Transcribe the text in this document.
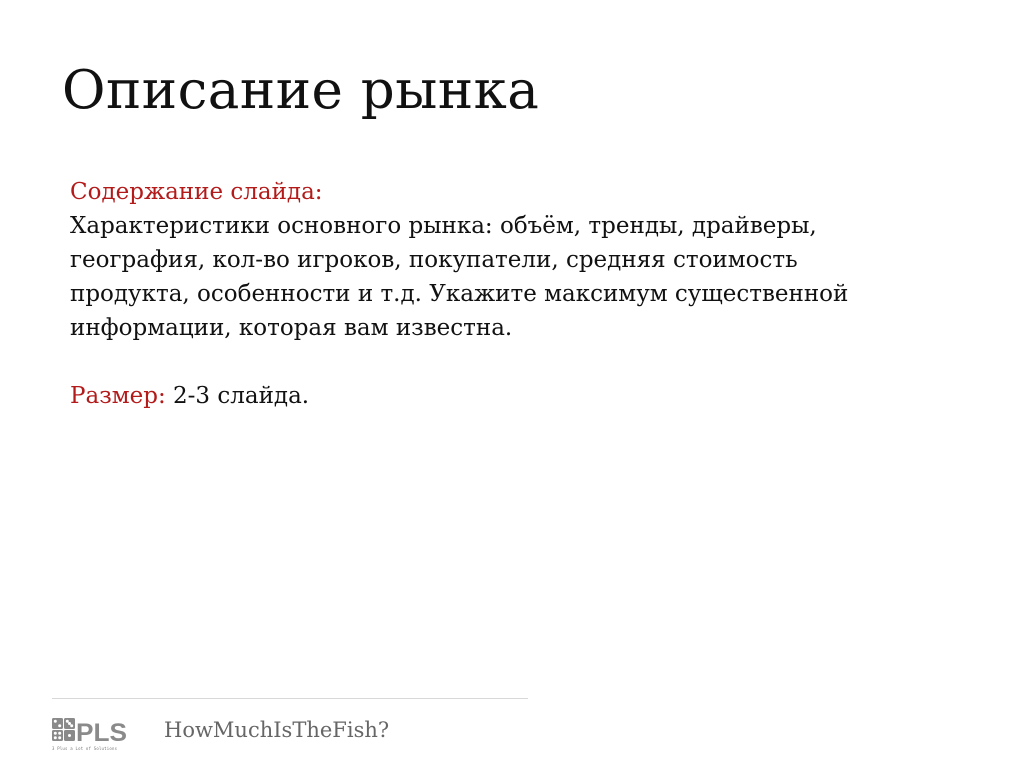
Описание рынка

Содержание слайда:

Характеристики основного рынка: объём, тренды, драйверы,

география, кол-во игроков, покупатели, средняя стоимость

продукта, особенности и т.д. Укажите максимум существенной

информации, которая вам известна.

Размер: 2-3 слайда.

PLS
3 Plus a Lot of Solutions
HowMuchIsTheFish?
